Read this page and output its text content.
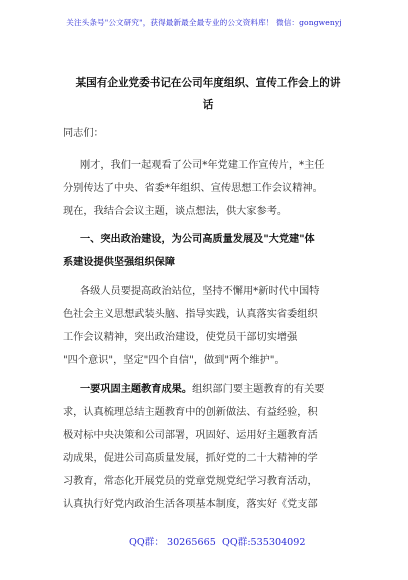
关注头条号"公文研究"，获得最新最全最专业的公文资料库！ 微信：gongwenyj
某国有企业党委书记在公司年度组织、宣传工作会上的讲
话
同志们：
刚才，我们一起观看了公司*年党建工作宣传片，*主任
分别传达了中央、省委*年组织、宣传思想工作会议精神。
现在，我结合会议主题，谈点想法，供大家参考。
一、突出政治建设，为公司高质量发展及"大党建"体
系建设提供坚强组织保障
各级人员要提高政治站位，坚持不懈用*新时代中国特
色社会主义思想武装头脑、指导实践，认真落实省委组织
工作会议精神，突出政治建设，使党员干部切实增强
"四个意识"，坚定"四个自信"，做到"两个维护"。
一要巩固主题教育成果。组织部门要主题教育的有关要
求，认真梳理总结主题教育中的创新做法、有益经验，积
极对标中央决策和公司部署，巩固好、运用好主题教育活
动成果，促进公司高质量发展，抓好党的二十大精神的学
习教育，常态化开展党员的党章党规党纪学习教育活动，
认真执行好党内政治生活各项基本制度，落实好《党支部
QQ群： 30265665 QQ群:535304092
